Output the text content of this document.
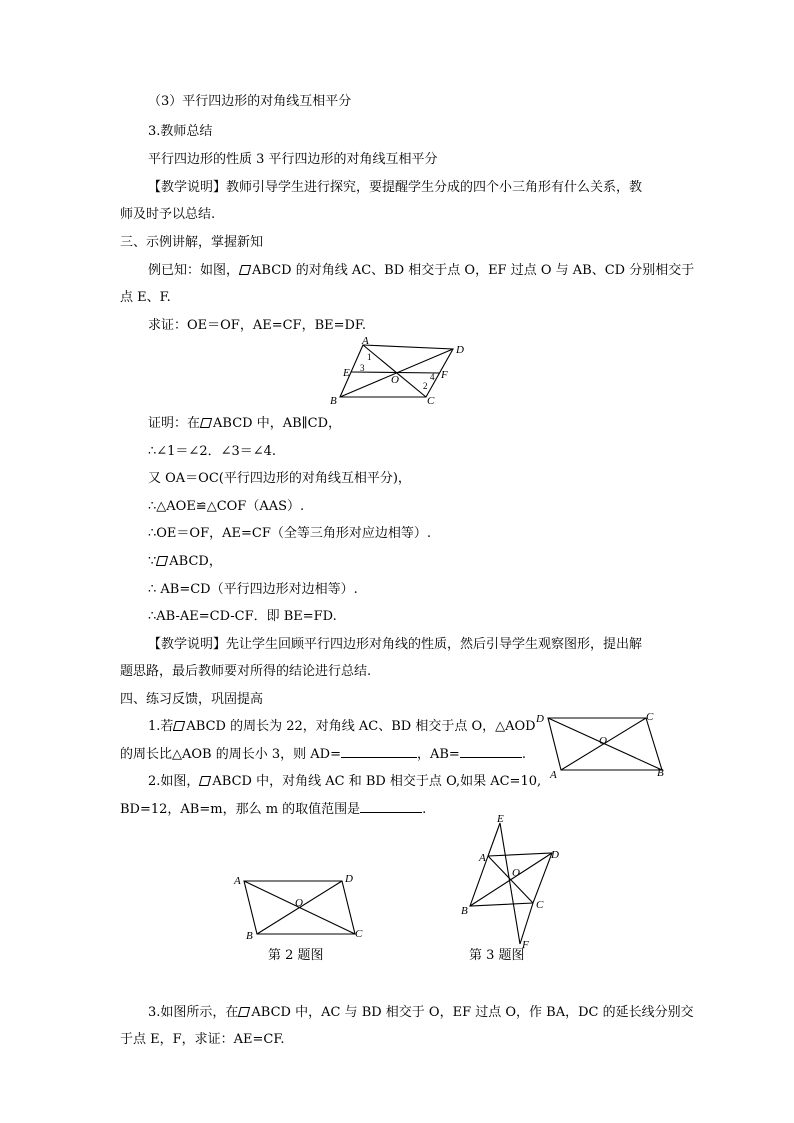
（3）平行四边形的对角线互相平分
3.教师总结
平行四边形的性质 3 平行四边形的对角线互相平分
【教学说明】教师引导学生进行探究，要提醒学生分成的四个小三角形有什么关系，教
师及时予以总结.
三、示例讲解，掌握新知
例已知：如图， ABCD 的对角线 AC、BD 相交于点 O，EF 过点 O 与 AB、CD 分别相交于
点 E、F.
求证：OE＝OF，AE=CF，BE=DF.
A
D
B	C
E	F
O
1
3
2
4
证明：在 ABCD 中，AB∥CD，
∴∠1＝∠2．∠3＝∠4.
又 OA＝OC(平行四边形的对角线互相平分)，
∴△AOE≌△COF（AAS）.
∴OE＝OF，AE=CF（全等三角形对应边相等）.
∵ ABCD，
∴ AB=CD（平行四边形对边相等）.
∴AB-AE=CD-CF．即 BE=FD.
【教学说明】先让学生回顾平行四边形对角线的性质，然后引导学生观察图形，提出解
题思路，最后教师要对所得的结论进行总结.
四、练习反馈，巩固提高
1.若 ABCD 的周长为 22，对角线 AC、BD 相交于点 O，△AOD
的周长比△AOB 的周长小 3，则 AD=	，AB=	.
2.如图， ABCD 中，对角线 AC 和 BD 相交于点 O,如果 AC=10,
BD=12，AB=m，那么 m 的取值范围是	.
D	C
A	B
O
A	D
B	C
O
第 2 题图
E
A	D
B	C
O
F
第 3 题图
3.如图所示，在 ABCD 中，AC 与 BD 相交于 O，EF 过点 O，作 BA，DC 的延长线分别交
于点 E，F，求证：AE=CF.
